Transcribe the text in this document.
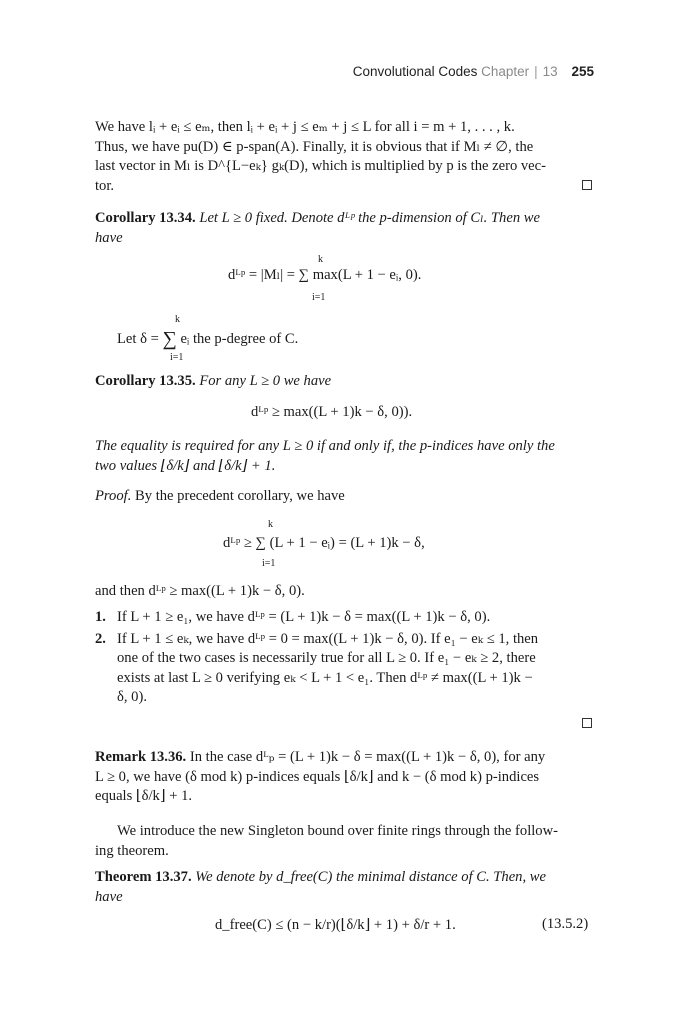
Convolutional Codes Chapter | 13 255
We have lᵢ + eᵢ ≤ eₘ, then lᵢ + eᵢ + j ≤ eₘ + j ≤ L for all i = m + 1, . . . , k.
Thus, we have pu(D) ∈ p-span(A). Finally, it is obvious that if Mₗ ≠ ∅, the
last vector in Mₗ is D^{L−eₖ} gₖ(D), which is multiplied by p is the zero vec-
tor.
Corollary 13.34. Let L ≥ 0 fixed. Denote dᴸᵖ the p-dimension of Cₗ. Then we
have
dᴸᵖ = |Mₗ| = ∑ max(L + 1 − eᵢ, 0).
k
i=1
Let δ = ∑ eᵢ the p-degree of C.
k
i=1
Corollary 13.35. For any L ≥ 0 we have
dᴸᵖ ≥ max((L + 1)k − δ, 0)).
The equality is required for any L ≥ 0 if and only if, the p-indices have only the
two values ⌊δ/k⌋ and ⌊δ/k⌋ + 1.
Proof. By the precedent corollary, we have
dᴸᵖ ≥ ∑ (L + 1 − eᵢ) = (L + 1)k − δ,
k
i=1
and then dᴸᵖ ≥ max((L + 1)k − δ, 0).
1. If L + 1 ≥ e₁, we have dᴸᵖ = (L + 1)k − δ = max((L + 1)k − δ, 0).
2. If L + 1 ≤ eₖ, we have dᴸᵖ = 0 = max((L + 1)k − δ, 0). If e₁ − eₖ ≤ 1, then
one of the two cases is necessarily true for all L ≥ 0. If e₁ − eₖ ≥ 2, there
exists at last L ≥ 0 verifying eₖ < L + 1 < e₁. Then dᴸᵖ ≠ max((L + 1)k −
δ, 0).
Remark 13.36. In the case dᴸₚ = (L + 1)k − δ = max((L + 1)k − δ, 0), for any
L ≥ 0, we have (δ mod k) p-indices equals ⌊δ/k⌋ and k − (δ mod k) p-indices
equals ⌊δ/k⌋ + 1.
We introduce the new Singleton bound over finite rings through the follow-
ing theorem.
Theorem 13.37. We denote by d_free(C) the minimal distance of C. Then, we
have
d_free(C) ≤ (n − k/r)(⌊δ/k⌋ + 1) + δ/r + 1.	(13.5.2)
